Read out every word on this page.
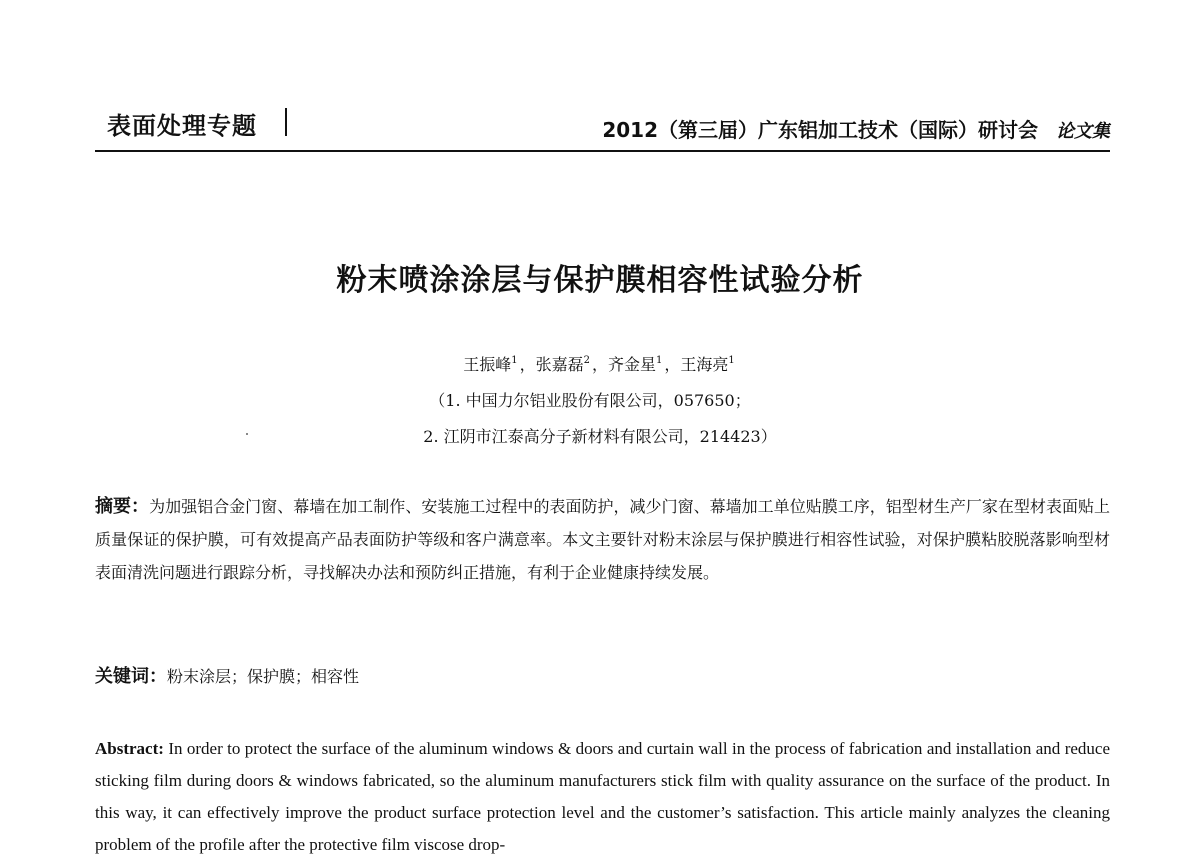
表面处理专题	2012（第三届）广东铝加工技术（国际）研讨会 论文集
粉末喷涂涂层与保护膜相容性试验分析
王振峰$^1$ ，张嘉磊$^2$ ，齐金星$^1$ ，王海亮$^1$
（1. 中国力尔铝业股份有限公司，057650；
2. 江阴市江泰高分子新材料有限公司，214423）
摘要：为加强铝合金门窗、幕墙在加工制作、安装施工过程中的表面防护，减少门窗、幕墙加工单位贴膜工序，铝型材生产厂家在型材表面贴上质量保证的保护膜，可有效提高产品表面防护等级和客户满意率。本文主要针对粉末涂层与保护膜进行相容性试验，对保护膜粘胶脱落影响型材表面清洗问题进行跟踪分析，寻找解决办法和预防纠正措施，有利于企业健康持续发展。
关键词：粉末涂层；保护膜；相容性
Abstract: In order to protect the surface of the aluminum windows & doors and curtain wall in the process of fabrication and installation and reduce sticking film during doors & windows fabricated, so the aluminum manufacturers stick film with quality assurance on the surface of the product. In this way, it can effectively improve the product surface protection level and the customer’s satisfaction. This article mainly analyzes the cleaning problem of the profile after the protective film viscose drop-
